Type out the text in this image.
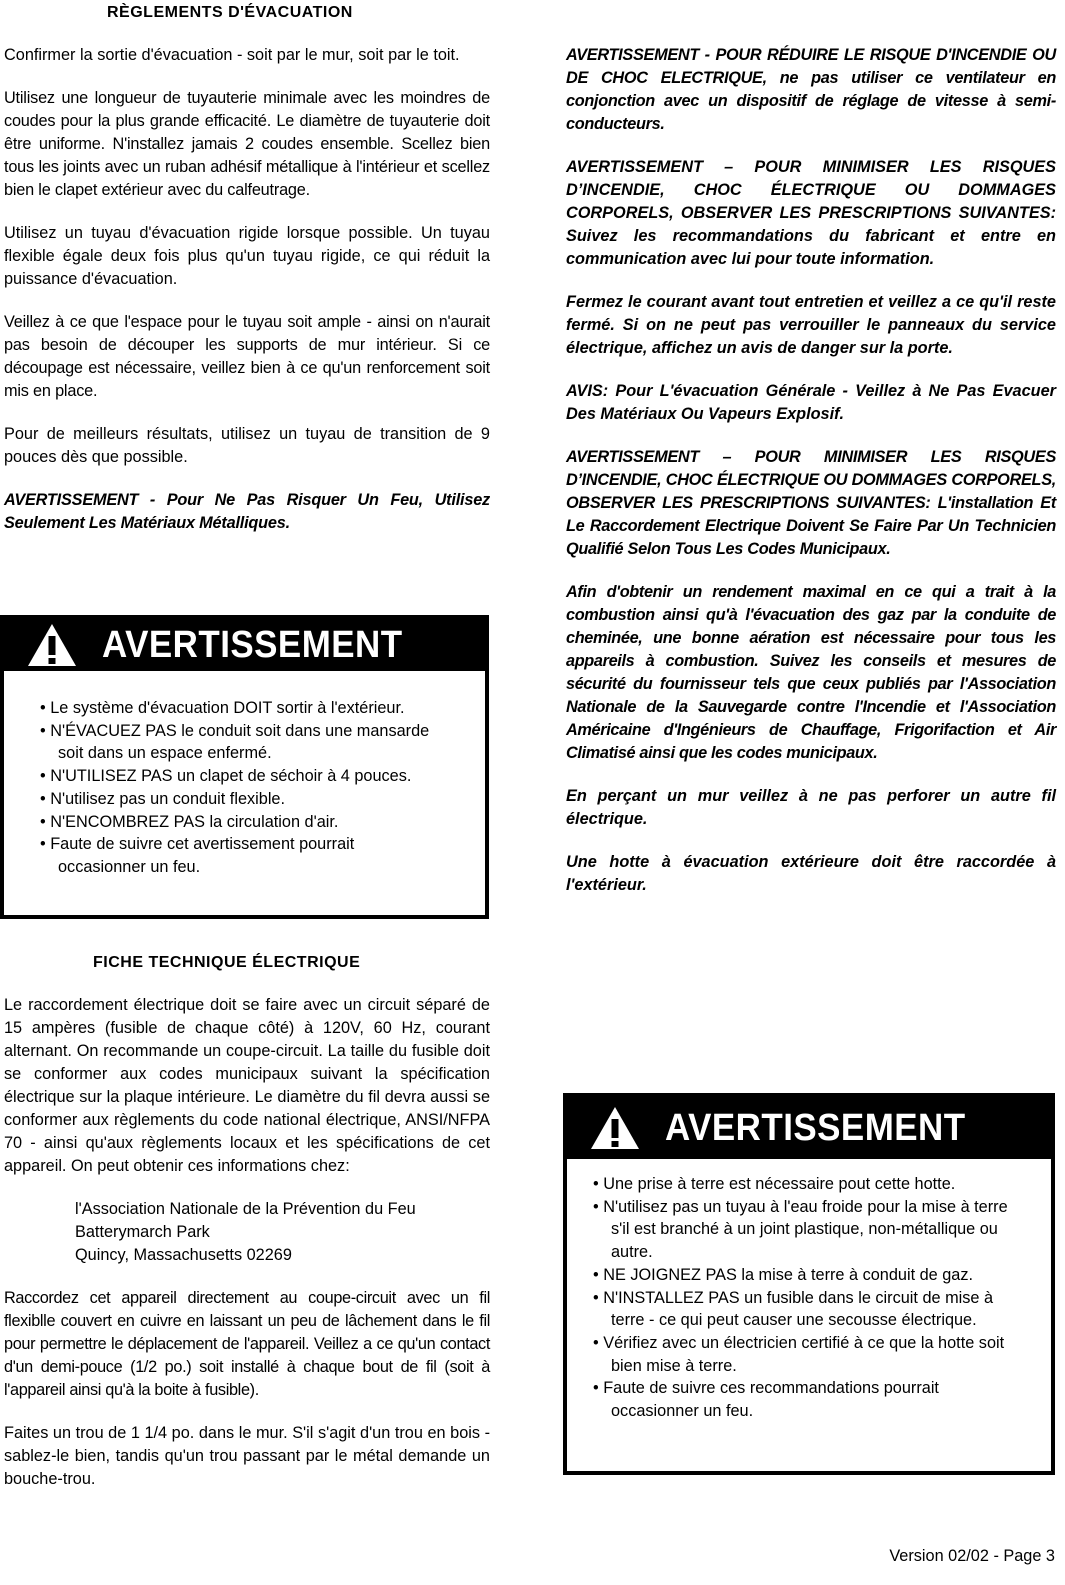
RÈGLEMENTS D'ÉVACUATION

Confirmer la sortie d'évacuation - soit par le mur, soit par le toit.

Utilisez une longueur de tuyauterie minimale avec les moindres de coudes pour la plus grande efficacité. Le diamètre de tuyauterie doit être uniforme. N'installez jamais 2 coudes ensemble. Scellez bien tous les joints avec un ruban adhésif métallique à l'intérieur et scellez bien le clapet extérieur avec du calfeutrage.

Utilisez un tuyau d'évacuation rigide lorsque possible. Un tuyau flexible égale deux fois plus qu'un tuyau rigide, ce qui réduit la puissance d'évacuation.

Veillez à ce que l'espace pour le tuyau soit ample - ainsi on n'aurait pas besoin de découper les supports de mur intérieur. Si ce découpage est nécessaire, veillez bien à ce qu'un renforcement soit mis en place.

Pour de meilleurs résultats, utilisez un tuyau de transition de 9 pouces dès que possible.

AVERTISSEMENT - Pour Ne Pas Risquer Un Feu, Utilisez Seulement Les Matériaux Métalliques.

AVERTISSEMENT
• Le système d'évacuation DOIT sortir à l'extérieur.
• N'ÉVACUEZ PAS le conduit soit dans une mansarde soit dans un espace enfermé.
• N'UTILISEZ PAS un clapet de séchoir à 4 pouces.
• N'utilisez pas un conduit flexible.
• N'ENCOMBREZ PAS la circulation d'air.
• Faute de suivre cet avertissement pourrait occasionner un feu.
FICHE TECHNIQUE ÉLECTRIQUE

Le raccordement électrique doit se faire avec un circuit séparé de 15 ampères (fusible de chaque côté) à 120V, 60 Hz, courant alternant. On recommande un coupe-circuit. La taille du fusible doit se conformer aux codes municipaux suivant la spécification électrique sur la plaque intérieure. Le diamètre du fil devra aussi se conformer aux règlements du code national électrique, ANSI/NFPA 70 - ainsi qu'aux règlements locaux et les spécifications de cet appareil. On peut obtenir ces informations chez:

l'Association Nationale de la Prévention du Feu
Batterymarch Park
Quincy, Massachusetts 02269

Raccordez cet appareil directement au coupe-circuit avec un fil flexiblle couvert en cuivre en laissant un peu de lâchement dans le fil pour permettre le déplacement de l'appareil. Veillez a ce qu'un contact d'un demi-pouce (1/2 po.) soit installé à chaque bout de fil (soit à l'appareil ainsi qu'à la boite à fusible).

Faites un trou de 1 1/4 po. dans le mur. S'il s'agit d'un trou en bois - sablez-le bien, tandis qu'un trou passant par le métal demande un bouche-trou.

AVERTISSEMENT - POUR RÉDUIRE LE RISQUE D'INCENDIE OU DE CHOC ELECTRIQUE, ne pas utiliser ce ventilateur en conjonction avec un dispositif de réglage de vitesse à semi-conducteurs.

AVERTISSEMENT – POUR MINIMISER LES RISQUES D’INCENDIE, CHOC ÉLECTRIQUE OU DOMMAGES CORPORELS, OBSERVER LES PRESCRIPTIONS SUIVANTES: Suivez les recommandations du fabricant et entre en communication avec lui pour toute information.

Fermez le courant avant tout entretien et veillez a ce qu'il reste fermé. Si on ne peut pas verrouiller le panneaux du service électrique, affichez un avis de danger sur la porte.

AVIS: Pour L'évacuation Générale - Veillez à Ne Pas Evacuer Des Matériaux Ou Vapeurs Explosif.

AVERTISSEMENT – POUR MINIMISER LES RISQUES D’INCENDIE, CHOC ÉLECTRIQUE OU DOMMAGES CORPORELS, OBSERVER LES PRESCRIPTIONS SUIVANTES: L'installation Et Le Raccordement Electrique Doivent Se Faire Par Un Technicien Qualifié Selon Tous Les Codes Municipaux.

Afin d'obtenir un rendement maximal en ce qui a trait à la combustion ainsi qu'à l'évacuation des gaz par la conduite de cheminée, une bonne aération est nécessaire pour tous les appareils à combustion. Suivez les conseils et mesures de sécurité du fournisseur tels que ceux publiés par l'Association Nationale de la Sauvegarde contre l'Incendie et l'Association Américaine d'Ingénieurs de Chauffage, Frigorifaction et Air Climatisé ainsi que les codes municipaux.

En perçant un mur veillez à ne pas perforer un autre fil électrique.

Une hotte à évacuation extérieure doit être raccordée à l'extérieur.

AVERTISSEMENT
• Une prise à terre est nécessaire pout cette hotte.
• N'utilisez pas un tuyau à l'eau froide pour la mise à terre s'il est branché à un joint plastique, non-métallique ou autre.
• NE JOIGNEZ PAS la mise à terre à conduit de gaz.
• N'INSTALLEZ PAS un fusible dans le circuit de mise à terre - ce qui peut causer une secousse électrique.
• Vérifiez avec un électricien certifié à ce que la hotte soit bien mise à terre.
• Faute de suivre ces recommandations pourrait occasionner un feu.
Version 02/02 - Page 3
